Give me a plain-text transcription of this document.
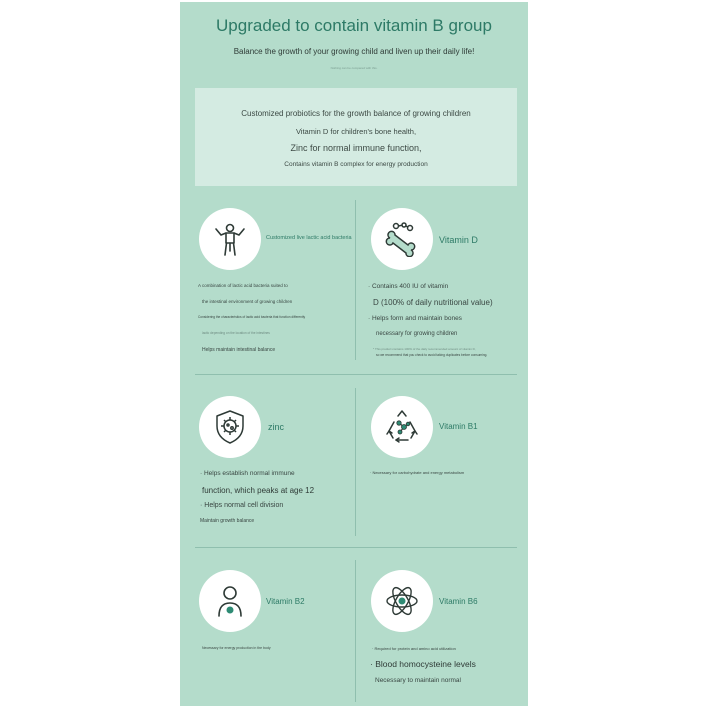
Upgraded to contain vitamin B group
Balance the growth of your growing child and liven up their daily life!
Nothing can be compared with this.
Customized probiotics for the growth balance of growing children
Vitamin D for children's bone health,
Zinc for normal immune function,
Contains vitamin B complex for energy production
Customized live lactic acid bacteria
A combination of lactic acid bacteria suited to
the intestinal environment of growing children
Considering the characteristics of lactic acid bacteria that function differently
lactic depending on the location of the intestines
Helps maintain intestinal balance
Vitamin D
· Contains 400 IU of vitamin
D (100% of daily nutritional value)
· Helps form and maintain bones
necessary for growing children
* This product contains 100% of the daily recommended amount of vitamin D,
so we recommend that you check to avoid taking duplicates before consuming.
zinc
· Helps establish normal immune
function, which peaks at age 12
· Helps normal cell division
Maintain growth balance
Vitamin B1
· Necessary for carbohydrate and energy metabolism
Vitamin B2
Necessary for energy production in the body
Vitamin B6
· Required for protein and amino acid utilization
· Blood homocysteine levels
Necessary to maintain normal
